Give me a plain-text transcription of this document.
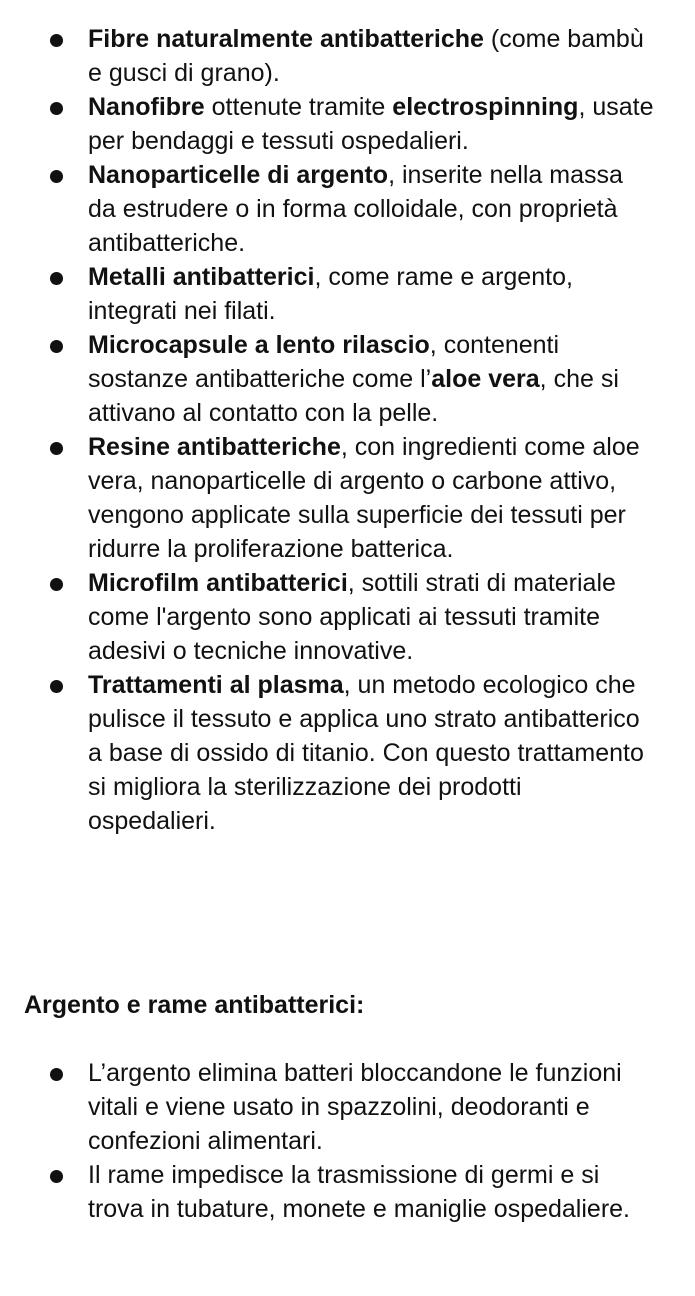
Fibre naturalmente antibatteriche (come bambù e gusci di grano).
Nanofibre ottenute tramite electrospinning, usate per bendaggi e tessuti ospedalieri.
Nanoparticelle di argento, inserite nella massa da estrudere o in forma colloidale, con proprietà antibatteriche.
Metalli antibatterici, come rame e argento, integrati nei filati.
Microcapsule a lento rilascio, contenenti sostanze antibatteriche come l’aloe vera, che si attivano al contatto con la pelle.
Resine antibatteriche, con ingredienti come aloe vera, nanoparticelle di argento o carbone attivo, vengono applicate sulla superficie dei tessuti per ridurre la proliferazione batterica.
Microfilm antibatterici, sottili strati di materiale come l'argento sono applicati ai tessuti tramite adesivi o tecniche innovative.
Trattamenti al plasma, un metodo ecologico che pulisce il tessuto e applica uno strato antibatterico a base di ossido di titanio. Con questo trattamento si migliora la sterilizzazione dei prodotti ospedalieri.
Argento e rame antibatterici:
L’argento elimina batteri bloccandone le funzioni vitali e viene usato in spazzolini, deodoranti e confezioni alimentari.
Il rame impedisce la trasmissione di germi e si trova in tubature, monete e maniglie ospedaliere.
